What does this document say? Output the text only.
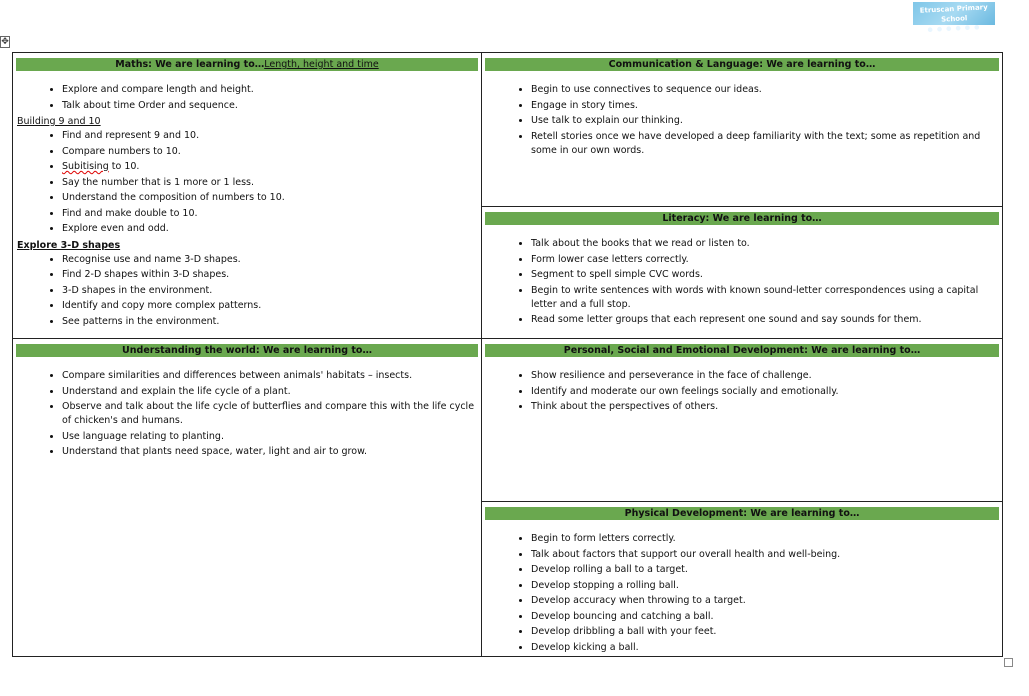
Etruscan Primary School
● ● ● ● ● ●
✥
Maths: We are learning to…Length, height and time
• Explore and compare length and height.
• Talk about time Order and sequence.
Building 9 and 10
• Find and represent 9 and 10.
• Compare numbers to 10.
• Subitising to 10.
• Say the number that is 1 more or 1 less.
• Understand the composition of numbers to 10.
• Find and make double to 10.
• Explore even and odd.
Explore 3-D shapes
• Recognise use and name 3-D shapes.
• Find 2-D shapes within 3-D shapes.
• 3-D shapes in the environment.
• Identify and copy more complex patterns.
• See patterns in the environment.
Communication & Language: We are learning to…
• Begin to use connectives to sequence our ideas.
• Engage in story times.
• Use talk to explain our thinking.
• Retell stories once we have developed a deep familiarity with the text; some as repetition and some in our own words.
Literacy: We are learning to…
• Talk about the books that we read or listen to.
• Form lower case letters correctly.
• Segment to spell simple CVC words.
• Begin to write sentences with words with known sound-letter correspondences using a capital letter and a full stop.
• Read some letter groups that each represent one sound and say sounds for them.
Understanding the world: We are learning to…
• Compare similarities and differences between animals' habitats – insects.
• Understand and explain the life cycle of a plant.
• Observe and talk about the life cycle of butterflies and compare this with the life cycle of chicken's and humans.
• Use language relating to planting.
• Understand that plants need space, water, light and air to grow.
Personal, Social and Emotional Development: We are learning to…
• Show resilience and perseverance in the face of challenge.
• Identify and moderate our own feelings socially and emotionally.
• Think about the perspectives of others.
Physical Development: We are learning to…
• Begin to form letters correctly.
• Talk about factors that support our overall health and well-being.
• Develop rolling a ball to a target.
• Develop stopping a rolling ball.
• Develop accuracy when throwing to a target.
• Develop bouncing and catching a ball.
• Develop dribbling a ball with your feet.
• Develop kicking a ball.
